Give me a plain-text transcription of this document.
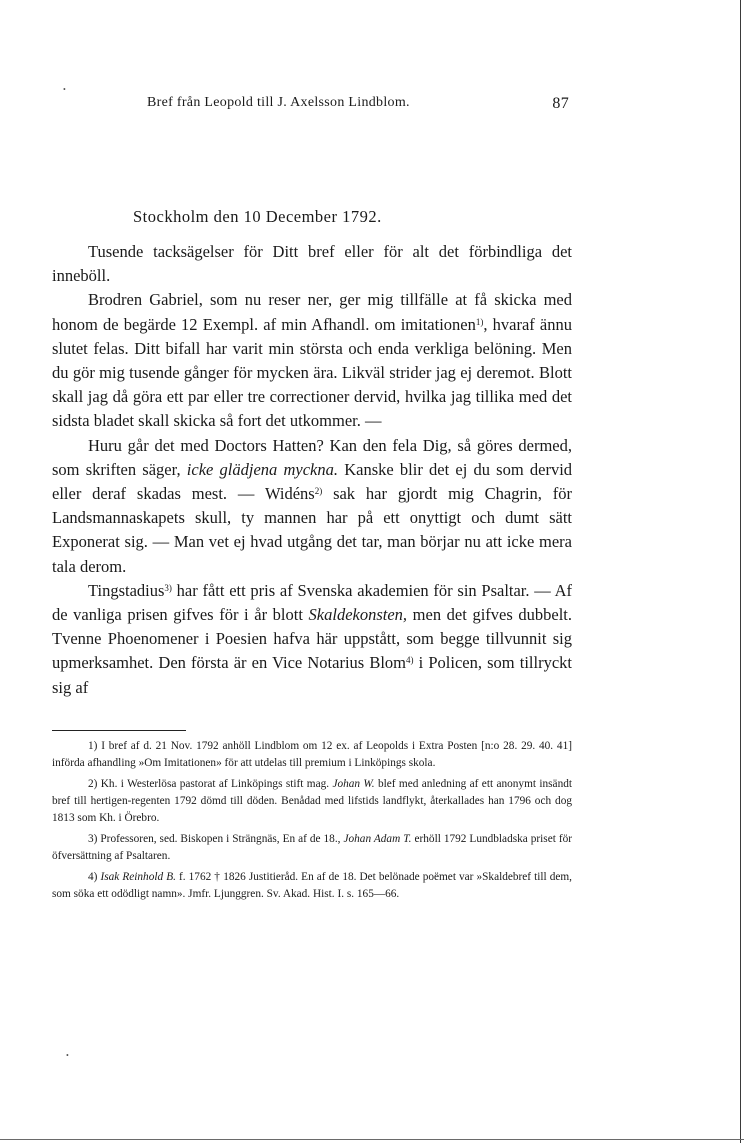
•
•
Bref från Leopold till J. Axelsson Lindblom.	87
Stockholm den 10 December 1792.

Tusende tacksägelser för Ditt bref eller för alt det förbindliga det inneböll.

Brodren Gabriel, som nu reser ner, ger mig tillfälle at få skicka med honom de begärde 12 Exempl. af min Afhandl. om imitationen$^{1)}$, hvaraf ännu slutet felas. Ditt bifall har varit min största och enda verkliga belöning. Men du gör mig tusende gånger för mycken ära. Likväl strider jag ej deremot. Blott skall jag då göra ett par eller tre correctioner dervid, hvilka jag tillika med det sidsta bladet skall skicka så fort det utkommer. —

Huru går det med Doctors Hatten? Kan den fela Dig, så göres dermed, som skriften säger, icke glädjena mycknа. Kanske blir det ej du som dervid eller deraf skadas mest. — Widéns$^{2)}$ sak har gjordt mig Chagrin, för Landsmannaskapets skull, ty mannen har på ett onyttigt och dumt sätt Exponerat sig. — Man vet ej hvad utgång det tar, man börjar nu att icke mera tala derom.

Tingstadius$^{3)}$ har fått ett pris af Svenska akademien för sin Psaltar. — Af de vanliga prisen gifves för i år blott Skaldekonsten, men det gifves dubbelt. Tvenne Phoenomener i Poesien hafva här uppstått, som begge tillvunnit sig upmerksamhet. Den första är en Vice Notarius Blom$^{4)}$ i Policen, som tillryckt sig af

1) I bref af d. 21 Nov. 1792 anhöll Lindblom om 12 ex. af Leopolds i Extra Posten [n:o 28. 29. 40. 41] införda afhandling »Om Imitationen» för att utdelas till premium i Linköpings skola.

2) Kh. i Westerlösa pastorat af Linköpings stift mag. Johan W. blef med anledning af ett anonymt insändt bref till hertigen-regenten 1792 dömd till döden. Benådad med lifstids landflykt, återkallades han 1796 och dog 1813 som Kh. i Örebro.

3) Professoren, sed. Biskopen i Strängnäs, En af de 18., Johan Adam T. erhöll 1792 Lundbladska priset för öfversättning af Psaltaren.

4) Isak Reinhold B. f. 1762 † 1826 Justitieråd. En af de 18. Det belönade poëmet var »Skaldebref till dem, som söka ett odödligt namn». Jmfr. Ljunggren. Sv. Akad. Hist. I. s. 165—66.
